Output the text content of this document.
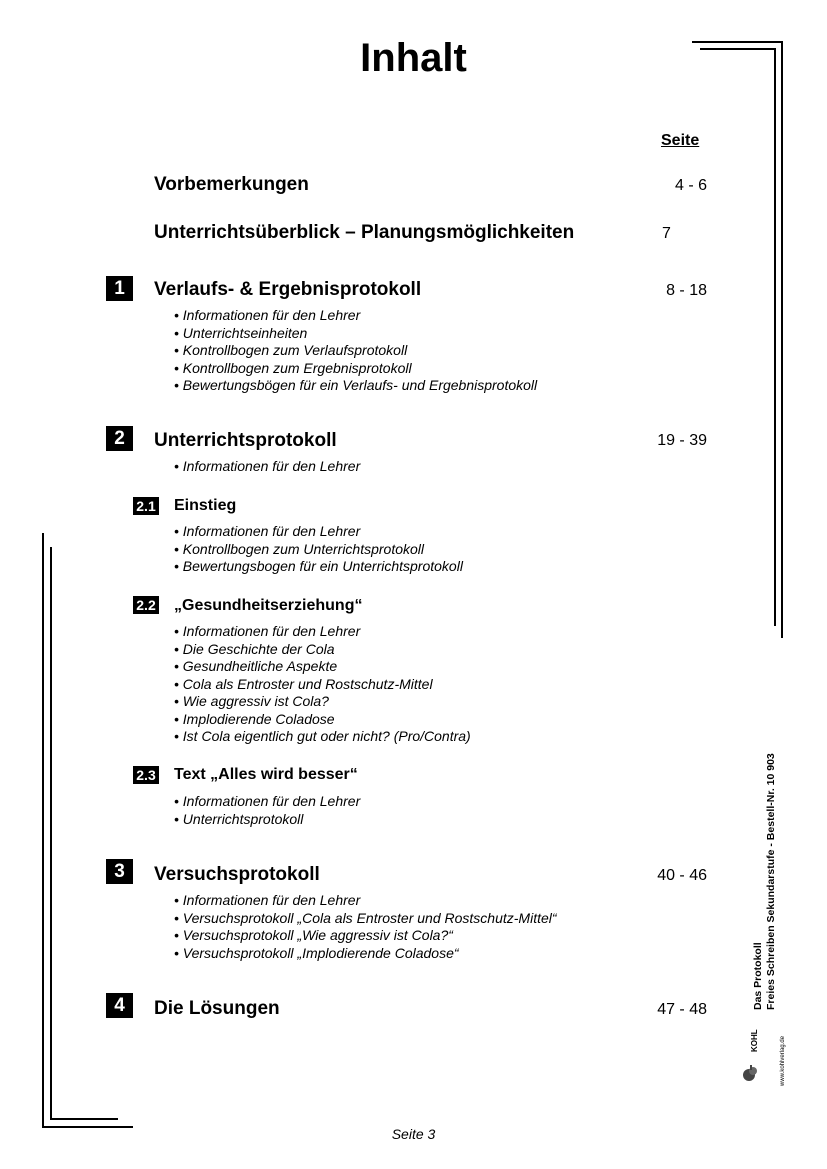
Inhalt
Seite
Vorbemerkungen	4 - 6
Unterrichtsüberblick – Planungsmöglichkeiten	7
1	Verlaufs- & Ergebnisprotokoll	8 - 18
• Informationen für den Lehrer
• Unterrichtseinheiten
• Kontrollbogen zum Verlaufsprotokoll
• Kontrollbogen zum Ergebnisprotokoll
• Bewertungsbögen für ein Verlaufs- und Ergebnisprotokoll
2	Unterrichtsprotokoll	19 - 39
• Informationen für den Lehrer
2.1 Einstieg
• Informationen für den Lehrer
• Kontrollbogen zum Unterrichtsprotokoll
• Bewertungsbogen für ein Unterrichtsprotokoll
2.2 „Gesundheitserziehung“
• Informationen für den Lehrer
• Die Geschichte der Cola
• Gesundheitliche Aspekte
• Cola als Entroster und Rostschutz-Mittel
• Wie aggressiv ist Cola?
• Implodierende Coladose
• Ist Cola eigentlich gut oder nicht? (Pro/Contra)
2.3 Text „Alles wird besser“
• Informationen für den Lehrer
• Unterrichtsprotokoll
3	Versuchsprotokoll	40 - 46
• Informationen für den Lehrer
• Versuchsprotokoll „Cola als Entroster und Rostschutz-Mittel“
• Versuchsprotokoll „Wie aggressiv ist Cola?“
• Versuchsprotokoll „Implodierende Coladose“
4	Die Lösungen	47 - 48	Das Protokoll Freies Schreiben Sekundarstufe - Bestell-Nr. 10 903
KOHL	www.kohlverlag.de
Seite 3
